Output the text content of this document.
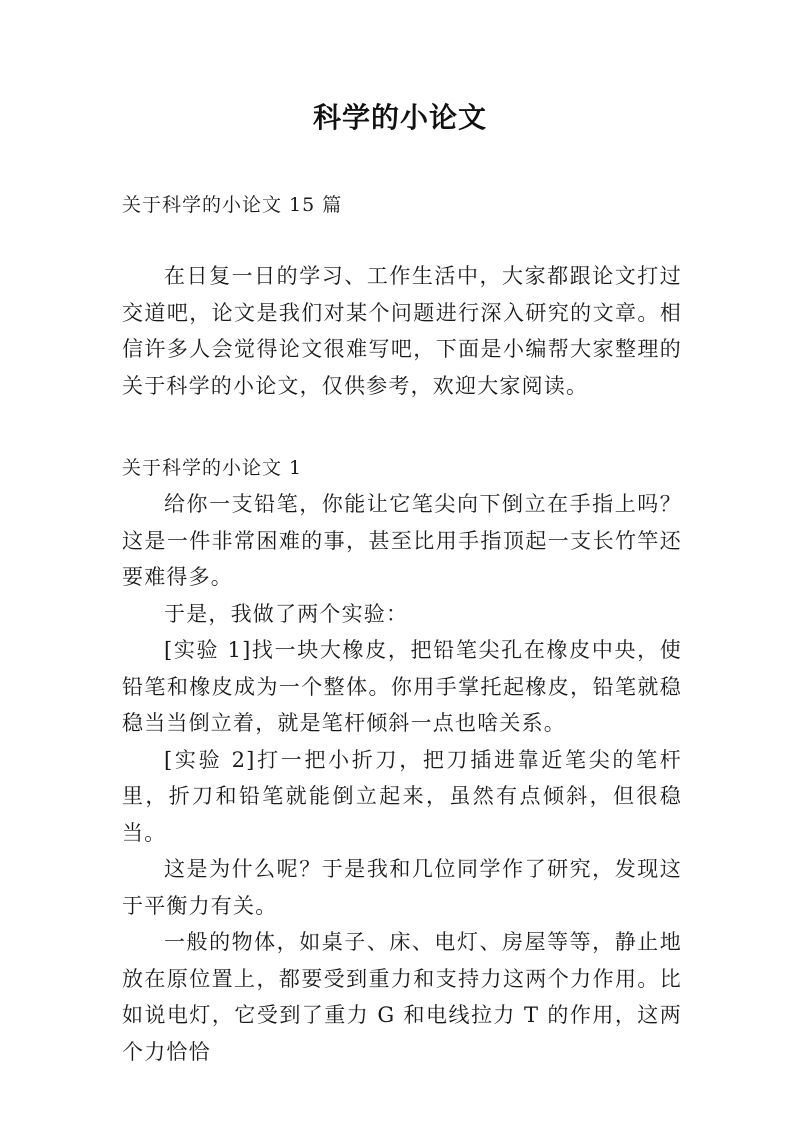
科学的小论文
关于科学的小论文 15 篇

在日复一日的学习、工作生活中，大家都跟论文打过交道吧，论文是我们对某个问题进行深入研究的文章。相信许多人会觉得论文很难写吧，下面是小编帮大家整理的关于科学的小论文，仅供参考，欢迎大家阅读。

关于科学的小论文 1

给你一支铅笔，你能让它笔尖向下倒立在手指上吗？这是一件非常困难的事，甚至比用手指顶起一支长竹竿还要难得多。

于是，我做了两个实验：

[实验 1]找一块大橡皮，把铅笔尖孔在橡皮中央，使铅笔和橡皮成为一个整体。你用手掌托起橡皮，铅笔就稳稳当当倒立着，就是笔杆倾斜一点也啥关系。

[实验 2]打一把小折刀，把刀插进靠近笔尖的笔杆里，折刀和铅笔就能倒立起来，虽然有点倾斜，但很稳当。

这是为什么呢？于是我和几位同学作了研究，发现这于平衡力有关。

一般的物体，如桌子、床、电灯、房屋等等，静止地放在原位置上，都要受到重力和支持力这两个力作用。比如说电灯，它受到了重力 G 和电线拉力 T 的作用，这两个力恰恰
